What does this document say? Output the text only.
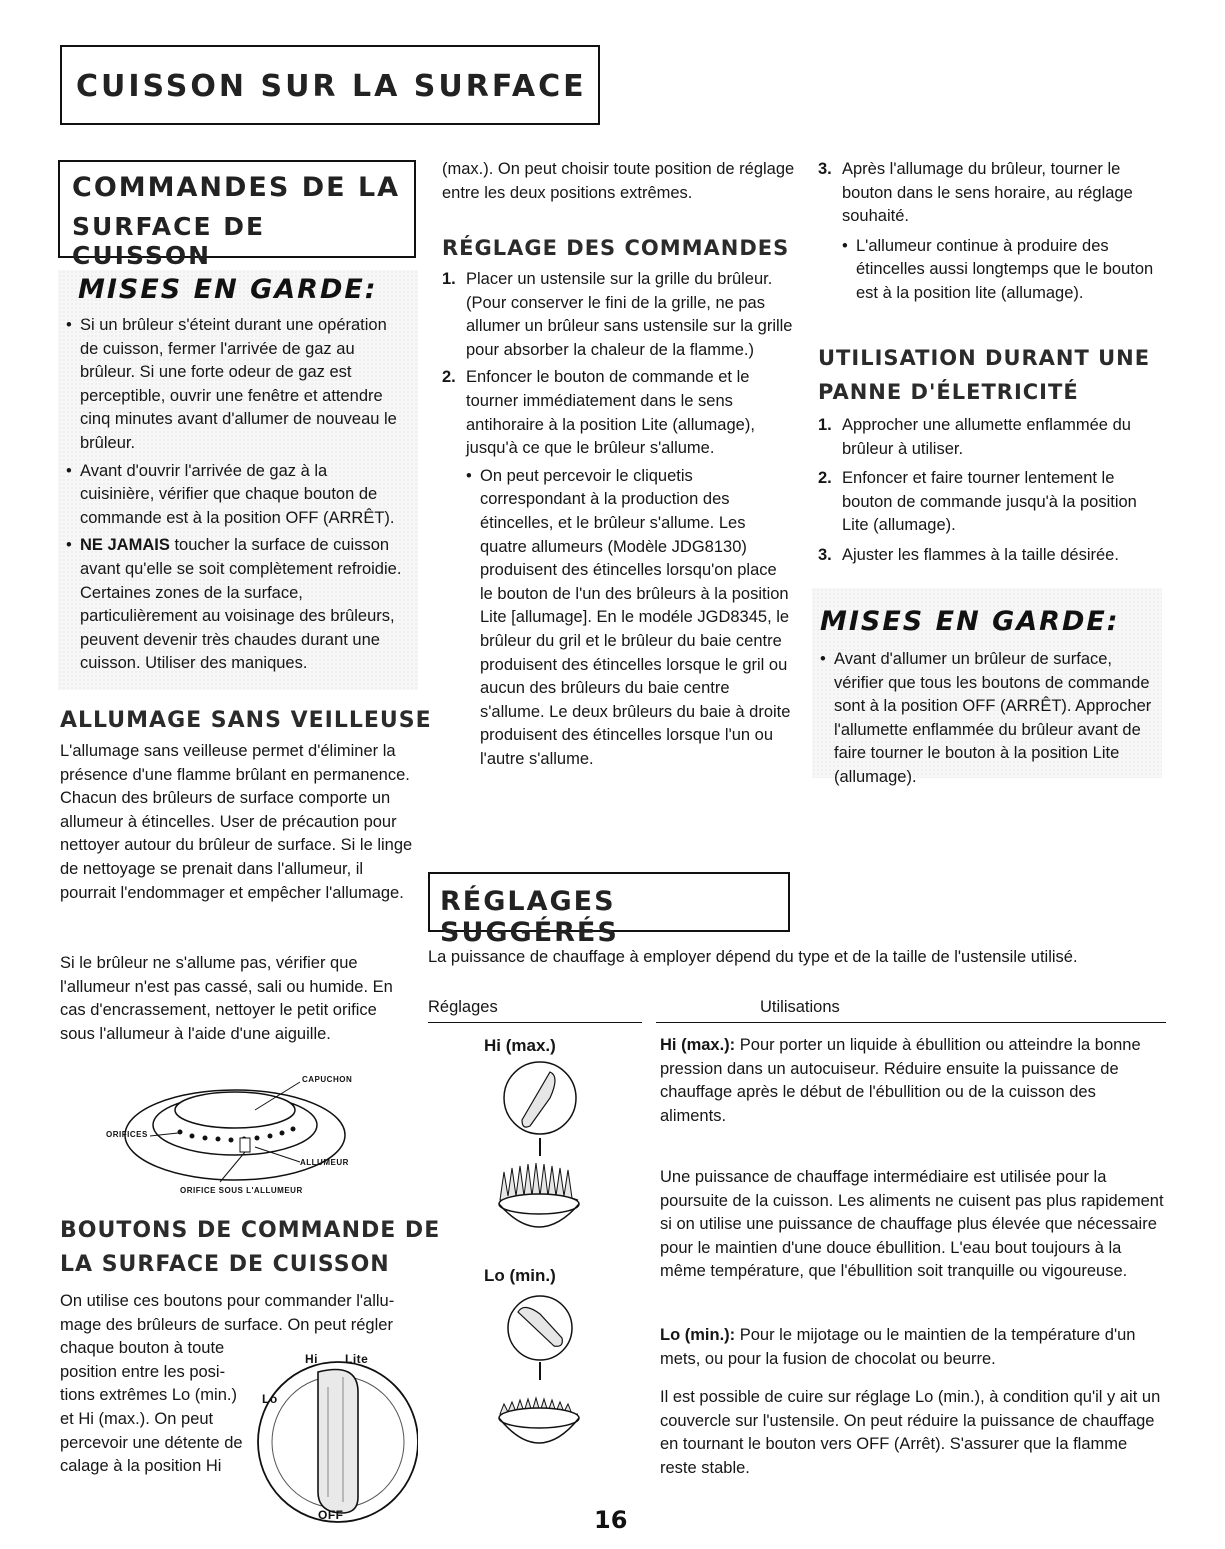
CUISSON SUR LA SURFACE
COMMANDES DE LA
SURFACE DE CUISSON
MISES EN GARDE:
• Si un brûleur s'éteint durant une opération de cuisson, fermer l'arrivée de gaz au brûleur. Si une forte odeur de gaz est perceptible, ouvrir une fenêtre et attendre cinq minutes avant d'allumer de nouveau le brûleur.
• Avant d'ouvrir l'arrivée de gaz à la cuisinière, vérifier que chaque bouton de commande est à la position OFF (ARRÊT).
• NE JAMAIS toucher la surface de cuisson avant qu'elle se soit complètement refroidie. Certaines zones de la surface, particulièrement au voisinage des brûleurs, peuvent devenir très chaudes durant une cuisson. Utiliser des maniques.
ALLUMAGE SANS VEILLEUSE

L'allumage sans veilleuse permet d'éliminer la présence d'une flamme brûlant en permanence. Chacun des brûleurs de surface comporte un allumeur à étincelles. User de précaution pour nettoyer autour du brûleur de surface. Si le linge de nettoyage se prenait dans l'allumeur, il pourrait l'endommager et empêcher l'allumage.

Si le brûleur ne s'allume pas, vérifier que l'allumeur n'est pas cassé, sali ou humide. En cas d'encrassement, nettoyer le petit orifice sous l'allumeur à l'aide d'une aiguille.

CAPUCHON
ORIFICES
ALLUMEUR
ORIFICE SOUS L'ALLUMEUR
BOUTONS DE COMMANDE DE
LA SURFACE DE CUISSON
On utilise ces boutons pour commander l'allu-
mage des brûleurs de surface. On peut régler
chaque bouton à toute
position entre les posi-
tions extrêmes Lo (min.)
et Hi (max.). On peut
percevoir une détente de
calage à la position Hi
Lite
Hi
Lo
OFF
(max.). On peut choisir toute position de réglage
entre les deux positions extrêmes.
RÉGLAGE DES COMMANDES
1. Placer un ustensile sur la grille du brûleur. (Pour conserver le fini de la grille, ne pas allumer un brûleur sans ustensile sur la grille pour absorber la chaleur de la flamme.)
2. Enfoncer le bouton de commande et le tourner immédiatement dans le sens antihoraire à la position Lite (allumage), jusqu'à ce que le brûleur s'allume.
• On peut percevoir le cliquetis correspondant à la production des étincelles, et le brûleur s'allume. Les quatre allumeurs (Modèle JDG8130) produisent des étincelles lorsqu'on place le bouton de l'un des brûleurs à la position Lite [allumage]. En le modéle JGD8345, le brûleur du gril et le brûleur du baie centre produisent des étincelles lorsque le gril ou aucun des brûleurs du baie centre s'allume. Le deux brûleurs du baie à droite produisent des étincelles lorsque l'un ou l'autre s'allume.
3. Après l'allumage du brûleur, tourner le bouton dans le sens horaire, au réglage souhaité.
• L'allumeur continue à produire des étincelles aussi longtemps que le bouton est à la position lite (allumage).
UTILISATION DURANT UNE
PANNE D'ÉLETRICITÉ
1. Approcher une allumette enflammée du brûleur à utiliser.
2. Enfoncer et faire tourner lentement le bouton de commande jusqu'à la position Lite (allumage).
3. Ajuster les flammes à la taille désirée.
MISES EN GARDE:
• Avant d'allumer un brûleur de surface, vérifier que tous les boutons de commande sont à la position OFF (ARRÊT). Approcher l'allumette enflammée du brûleur avant de faire tourner le bouton à la position Lite (allumage).
RÉGLAGES SUGGÉRÉS
La puissance de chauffage à employer dépend du type et de la taille de l'ustensile utilisé.
Réglages	Utilisations
Hi (max.)
Lo (min.)
Hi (max.): Pour porter un liquide à ébullition ou atteindre la bonne pression dans un autocuiseur. Réduire ensuite la puissance de chauffage après le début de l'ébullition ou de la cuisson des aliments.
Une puissance de chauffage intermédiaire est utilisée pour la poursuite de la cuisson. Les aliments ne cuisent pas plus rapidement si on utilise une puissance de chauffage plus élevée que nécessaire pour le maintien d'une douce ébullition. L'eau bout toujours à la même température, que l'ébullition soit tranquille ou vigoureuse.
Lo (min.): Pour le mijotage ou le maintien de la température d'un mets, ou pour la fusion de chocolat ou beurre.
Il est possible de cuire sur réglage Lo (min.), à condition qu'il y ait un couvercle sur l'ustensile. On peut réduire la puissance de chauffage en tournant le bouton vers OFF (Arrêt). S'assurer que la flamme reste stable.
16
